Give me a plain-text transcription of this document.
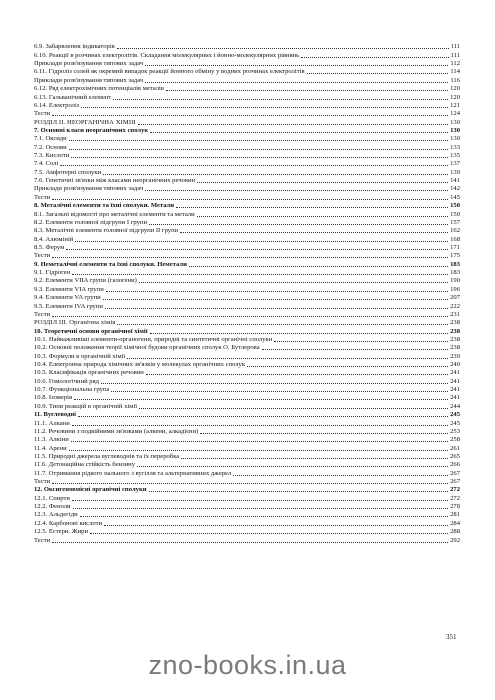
6.9. Забарвлення індикаторів	111
6.10. Реакції в розчинах електролітів. Складання молекулярних і йонно-молекулярних рівнянь	111
Приклади розв'язування типових задач	112
6.11. Гідроліз солей як окремий випадок реакції йонного обміну у водних розчинах електролітів	114
Приклади розв'язування типових задач	116
6.12. Ряд електрохімічних потенціалів металів	120
6.13. Гальванічний елемент	120
6.14. Електроліз	121
Тести	124
РОЗДІЛ ІІ. НЕОРГАНІЧНА ХІМІЯ	130
7. Основні класи неорганічних сполук	130
7.1. Оксиди	130
7.2. Основи	133
7.3. Кислоти	135
7.4. Солі	137
7.5. Амфотерні сполуки	139
7.6. Генетичні зв'язки між класами неорганічних речовин	141
Приклади розв'язування типових задач	142
Тести	145
8. Металічні елементи та їхні сполуки. Метали	150
8.1. Загальні відомості про металічні елементи та метали	150
8.2. Елементи головної підгрупи І групи	157
8.3. Металічні елементи головної підгрупи ІІ групи	162
8.4. Алюміній	168
8.5. Ферум	171
Тести	175
9. Неметалічні елементи та їхні сполуки. Неметали	183
9.1. Гідроген	183
9.2. Елементи VIIA групи (галогени)	190
9.3. Елементи VIA групи	196
9.4. Елементи VA групи	207
9.5. Елементи IVA групи	222
Тести	231
РОЗДІЛ ІІІ. Органічна хімія	238
10. Теоретичні основи органічної хімії	238
10.1. Найважливіші елементи-органогени, природні та синтетичні органічні сполуки	238
10.2. Основні положення теорії хімічної будови органічних сполук О. Бутлерова	238
10.3. Формули в органічній хімії	239
10.4. Електронна природа хімічних зв'язків у молекулах органічних сполук	240
10.5. Класифікація органічних речовин	241
10.6. Гомологічний ряд	241
10.7. Функціональна група	241
10.8. Ізомерія	241
10.9. Типи реакцій в органічній хімії	244
11. Вуглеводні	245
11.1. Алкани	245
11.2. Речовини з подвійними зв'язками (алкени, алкадієни)	253
11.3. Алкіни	258
11.4. Арени	261
11.5. Природні джерела вуглеводнів та їх переробка	265
11.6. Детонаційна стійкість бензину	266
11.7. Отримання рідкого пального з вугілля та альтернативних джерел	267
Тести	267
12. Оксигеновмісні органічні сполуки	272
12.1. Спирти	272
12.2. Феноли	278
12.3. Альдегіди	281
12.4. Карбонові кислоти	284
12.5. Естери. Жири	288
Тести	292
351
zno-books.in.ua
